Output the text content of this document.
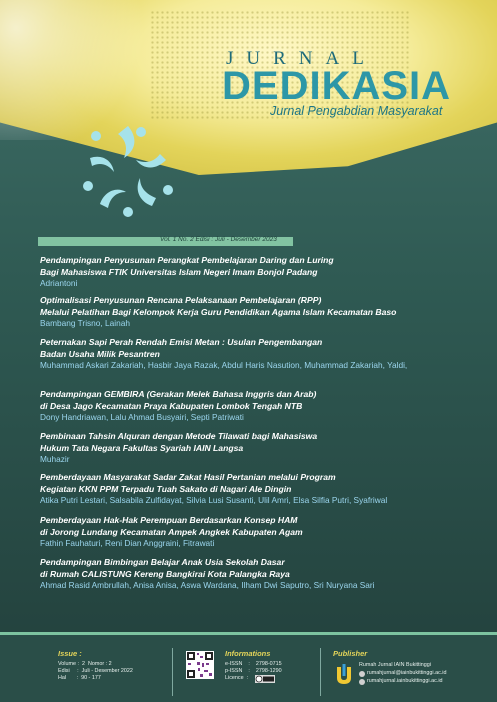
JURNAL
DEDIKASIA
Jurnal Pengabdian Masyarakat
Vol. 1 No. 2 Edisi : Juli - Desember 2023
Pendampingan Penyusunan Perangkat Pembelajaran Daring dan Luring
Bagi Mahasiswa FTIK Universitas Islam Negeri Imam Bonjol Padang
Adriantoni
Optimalisasi Penyusunan Rencana Pelaksanaan Pembelajaran (RPP)
Melalui Pelatihan Bagi Kelompok Kerja Guru Pendidikan Agama Islam Kecamatan Baso
Bambang Trisno, Lainah
Peternakan Sapi Perah Rendah Emisi Metan : Usulan Pengembangan
Badan Usaha Milik Pesantren
Muhammad Askari Zakariah, Hasbir Jaya Razak, Abdul Haris Nasution, Muhammad Zakariah, Yaldi,
Pendampingan GEMBIRA (Gerakan Melek Bahasa Inggris dan Arab)
di Desa Jago Kecamatan Praya Kabupaten Lombok Tengah NTB
Dony Handriawan, Lalu Ahmad Busyairi, Septi Patriwati
Pembinaan Tahsin Alquran dengan Metode Tilawati bagi Mahasiswa
Hukum Tata Negara Fakultas Syariah IAIN Langsa
Muhazir
Pemberdayaan Masyarakat Sadar Zakat Hasil Pertanian melalui Program
Kegiatan KKN PPM Terpadu Tuah Sakato di Nagari Ale Dingin
Atika Putri Lestari, Salsabila Zulfidayat, Silvia Lusi Susanti, Ulil Amri, Elsa Silfia Putri, Syafriwal
Pemberdayaan Hak-Hak Perempuan Berdasarkan Konsep HAM
di Jorong Lundang Kecamatan Ampek Angkek Kabupaten Agam
Fathin Fauhaturi, Reni Dian Anggraini, Fitrawati
Pendampingan Bimbingan Belajar Anak Usia Sekolah Dasar
di Rumah CALISTUNG Kereng Bangkirai Kota Palangka Raya
Ahmad Rasid Ambrullah, Anisa Anisa, Aswa Wardana, Ilham Dwi Saputro, Sri Nuryana Sari
Issue :
Volume :  2  Nomor : 2
Edisi     :  Juli - Desember 2022
Hal       :  90 - 177
Informations
e-ISSN    :    2798-0715
p-ISSN    :    2798-1290
Licence  :
Publisher
Rumah Jurnal IAIN Bukittinggi
rumahjurnal@iainbukittinggi.ac.id
rumahjurnal.iainbukittinggi.ac.id
